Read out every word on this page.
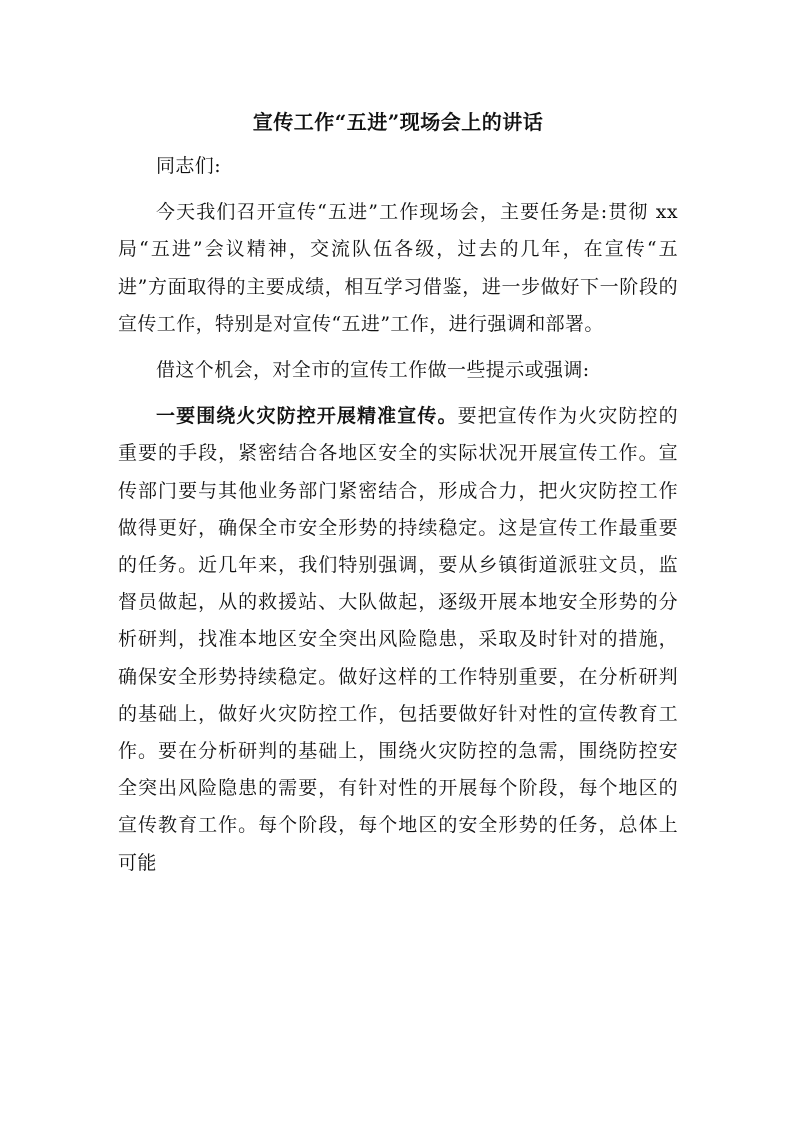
宣传工作“五进”现场会上的讲话

同志们:

今天我们召开宣传“五进”工作现场会，主要任务是:贯彻 xx 局“五进”会议精神，交流队伍各级，过去的几年，在宣传“五进”方面取得的主要成绩，相互学习借鉴，进一步做好下一阶段的宣传工作，特别是对宣传“五进”工作，进行强调和部署。

借这个机会，对全市的宣传工作做一些提示或强调:

一要围绕火灾防控开展精准宣传。要把宣传作为火灾防控的重要的手段，紧密结合各地区安全的实际状况开展宣传工作。宣传部门要与其他业务部门紧密结合，形成合力，把火灾防控工作做得更好，确保全市安全形势的持续稳定。这是宣传工作最重要的任务。近几年来，我们特别强调，要从乡镇街道派驻文员，监督员做起，从的救援站、大队做起，逐级开展本地安全形势的分析研判，找准本地区安全突出风险隐患，采取及时针对的措施，确保安全形势持续稳定。做好这样的工作特别重要，在分析研判的基础上，做好火灾防控工作，包括要做好针对性的宣传教育工作。要在分析研判的基础上，围绕火灾防控的急需，围绕防控安全突出风险隐患的需要，有针对性的开展每个阶段，每个地区的宣传教育工作。每个阶段，每个地区的安全形势的任务，总体上可能
